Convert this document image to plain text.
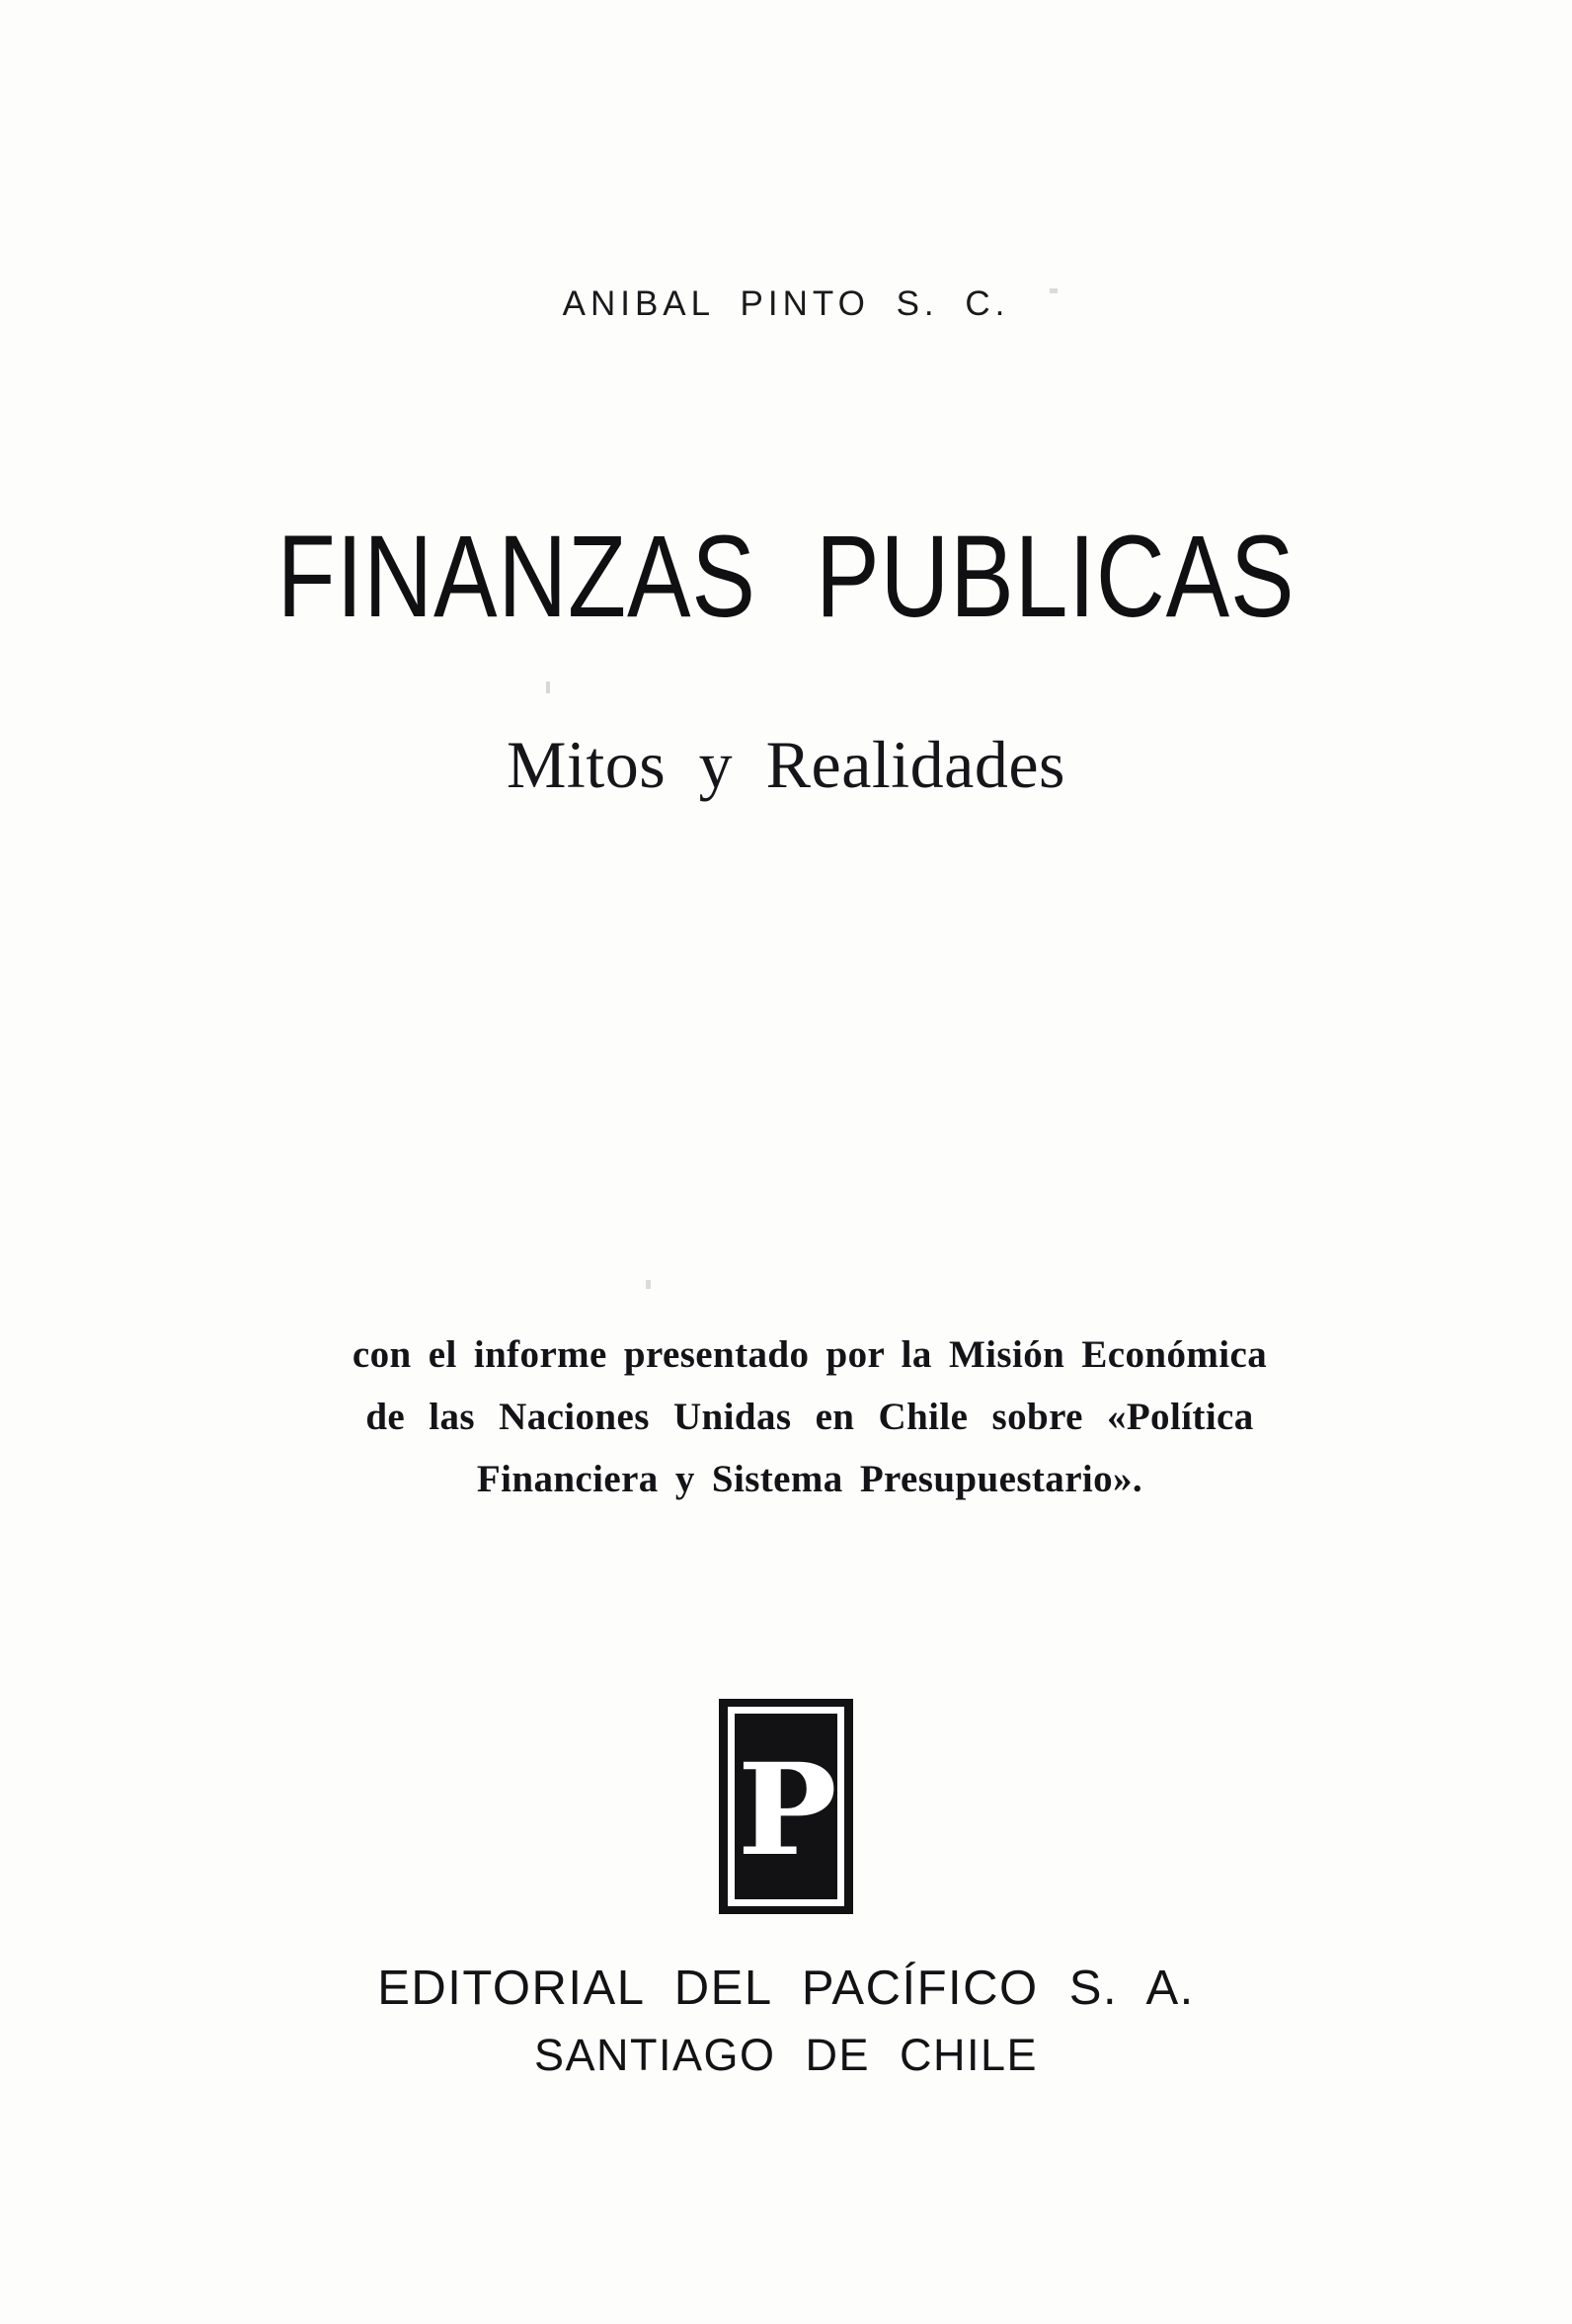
ANIBAL PINTO S. C.
FINANZAS PUBLICAS
Mitos y Realidades
con el informe presentado por la Misión Económica
de las Naciones Unidas en Chile sobre «Política
Financiera y Sistema Presupuestario».
P
EDITORIAL DEL PACÍFICO S. A.
SANTIAGO DE CHILE
